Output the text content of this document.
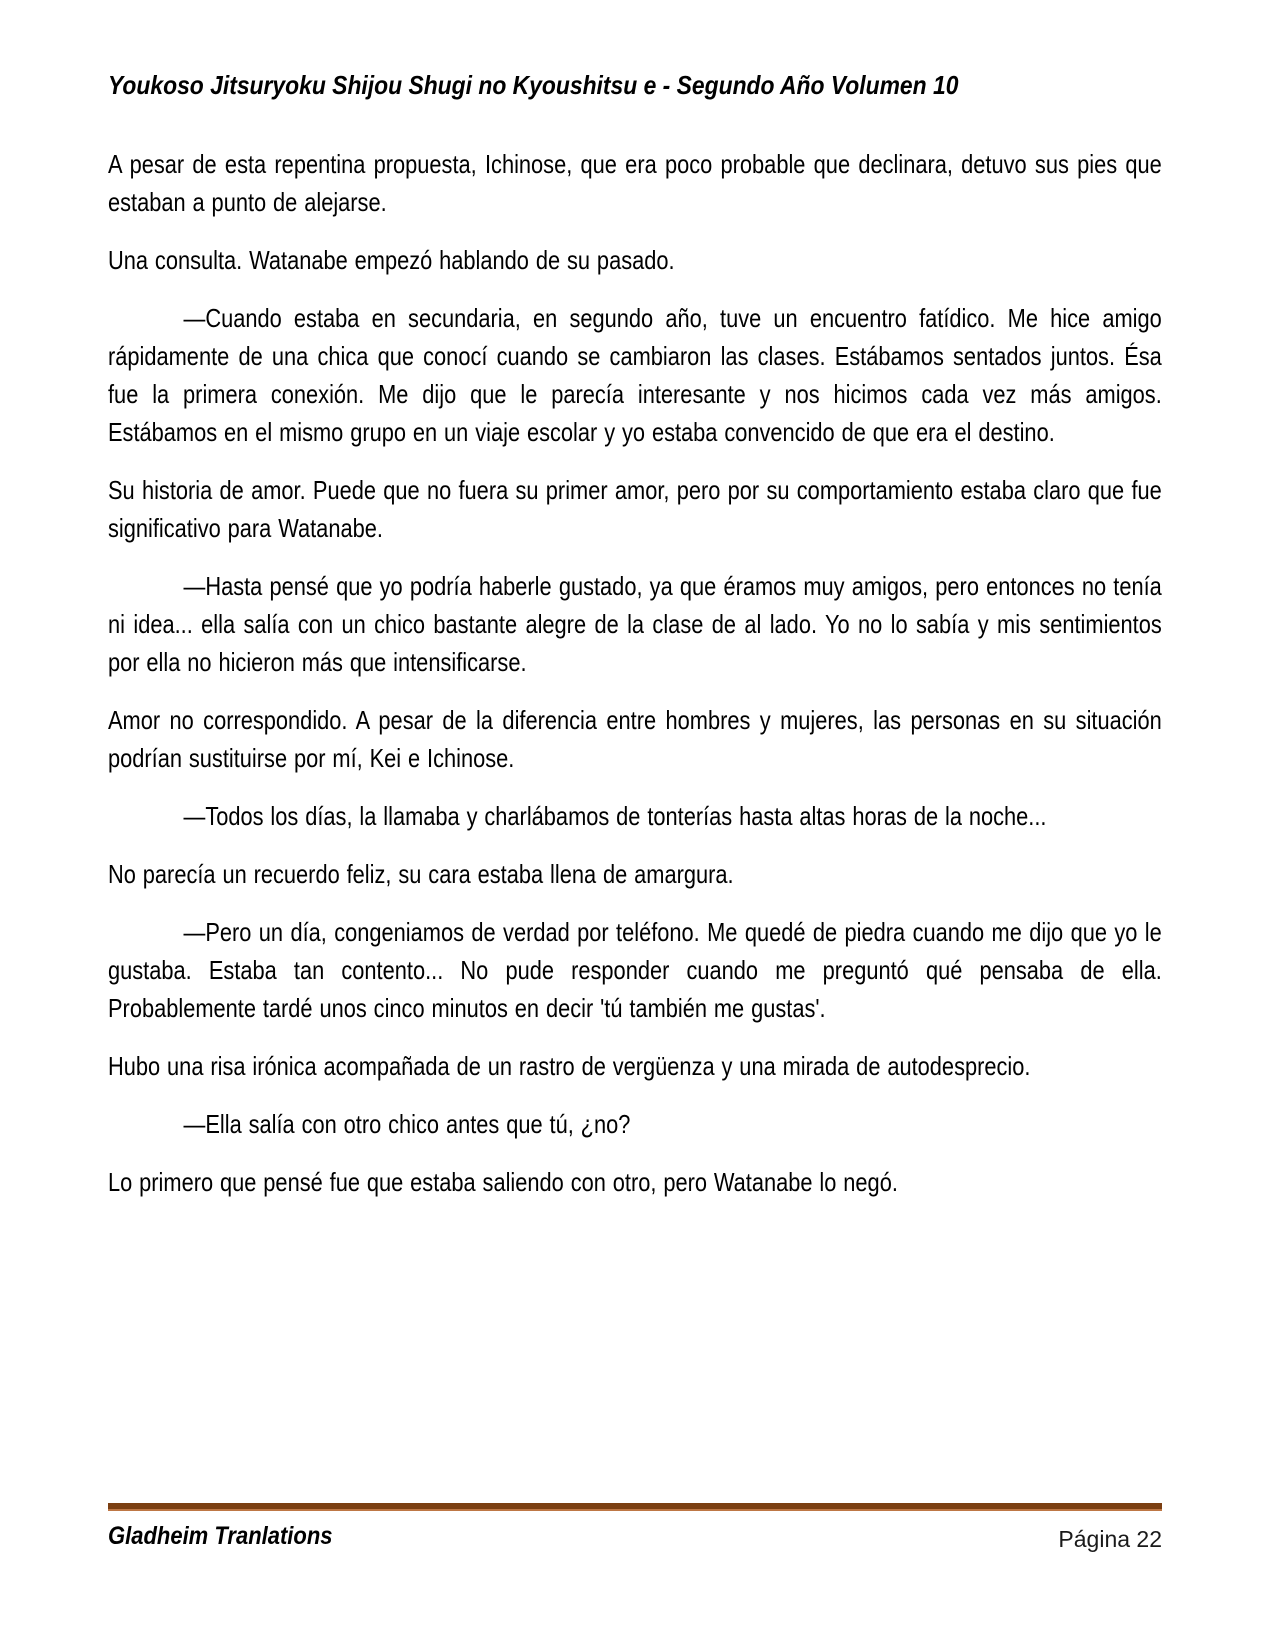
Youkoso Jitsuryoku Shijou Shugi no Kyoushitsu e - Segundo Año Volumen 10

A pesar de esta repentina propuesta, Ichinose, que era poco probable que declinara, detuvo sus pies que estaban a punto de alejarse.

Una consulta. Watanabe empezó hablando de su pasado.

—Cuando estaba en secundaria, en segundo año, tuve un encuentro fatídico. Me hice amigo rápidamente de una chica que conocí cuando se cambiaron las clases. Estábamos sentados juntos. Ésa fue la primera conexión. Me dijo que le parecía interesante y nos hicimos cada vez más amigos. Estábamos en el mismo grupo en un viaje escolar y yo estaba convencido de que era el destino.

Su historia de amor. Puede que no fuera su primer amor, pero por su comportamiento estaba claro que fue significativo para Watanabe.

—Hasta pensé que yo podría haberle gustado, ya que éramos muy amigos, pero entonces no tenía ni idea... ella salía con un chico bastante alegre de la clase de al lado. Yo no lo sabía y mis sentimientos por ella no hicieron más que intensificarse.

Amor no correspondido. A pesar de la diferencia entre hombres y mujeres, las personas en su situación podrían sustituirse por mí, Kei e Ichinose.

—Todos los días, la llamaba y charlábamos de tonterías hasta altas horas de la noche...

No parecía un recuerdo feliz, su cara estaba llena de amargura.

—Pero un día, congeniamos de verdad por teléfono. Me quedé de piedra cuando me dijo que yo le gustaba. Estaba tan contento... No pude responder cuando me preguntó qué pensaba de ella. Probablemente tardé unos cinco minutos en decir 'tú también me gustas'.

Hubo una risa irónica acompañada de un rastro de vergüenza y una mirada de autodesprecio.

—Ella salía con otro chico antes que tú, ¿no?

Lo primero que pensé fue que estaba saliendo con otro, pero Watanabe lo negó.

Gladheim Tranlations	Página 22
